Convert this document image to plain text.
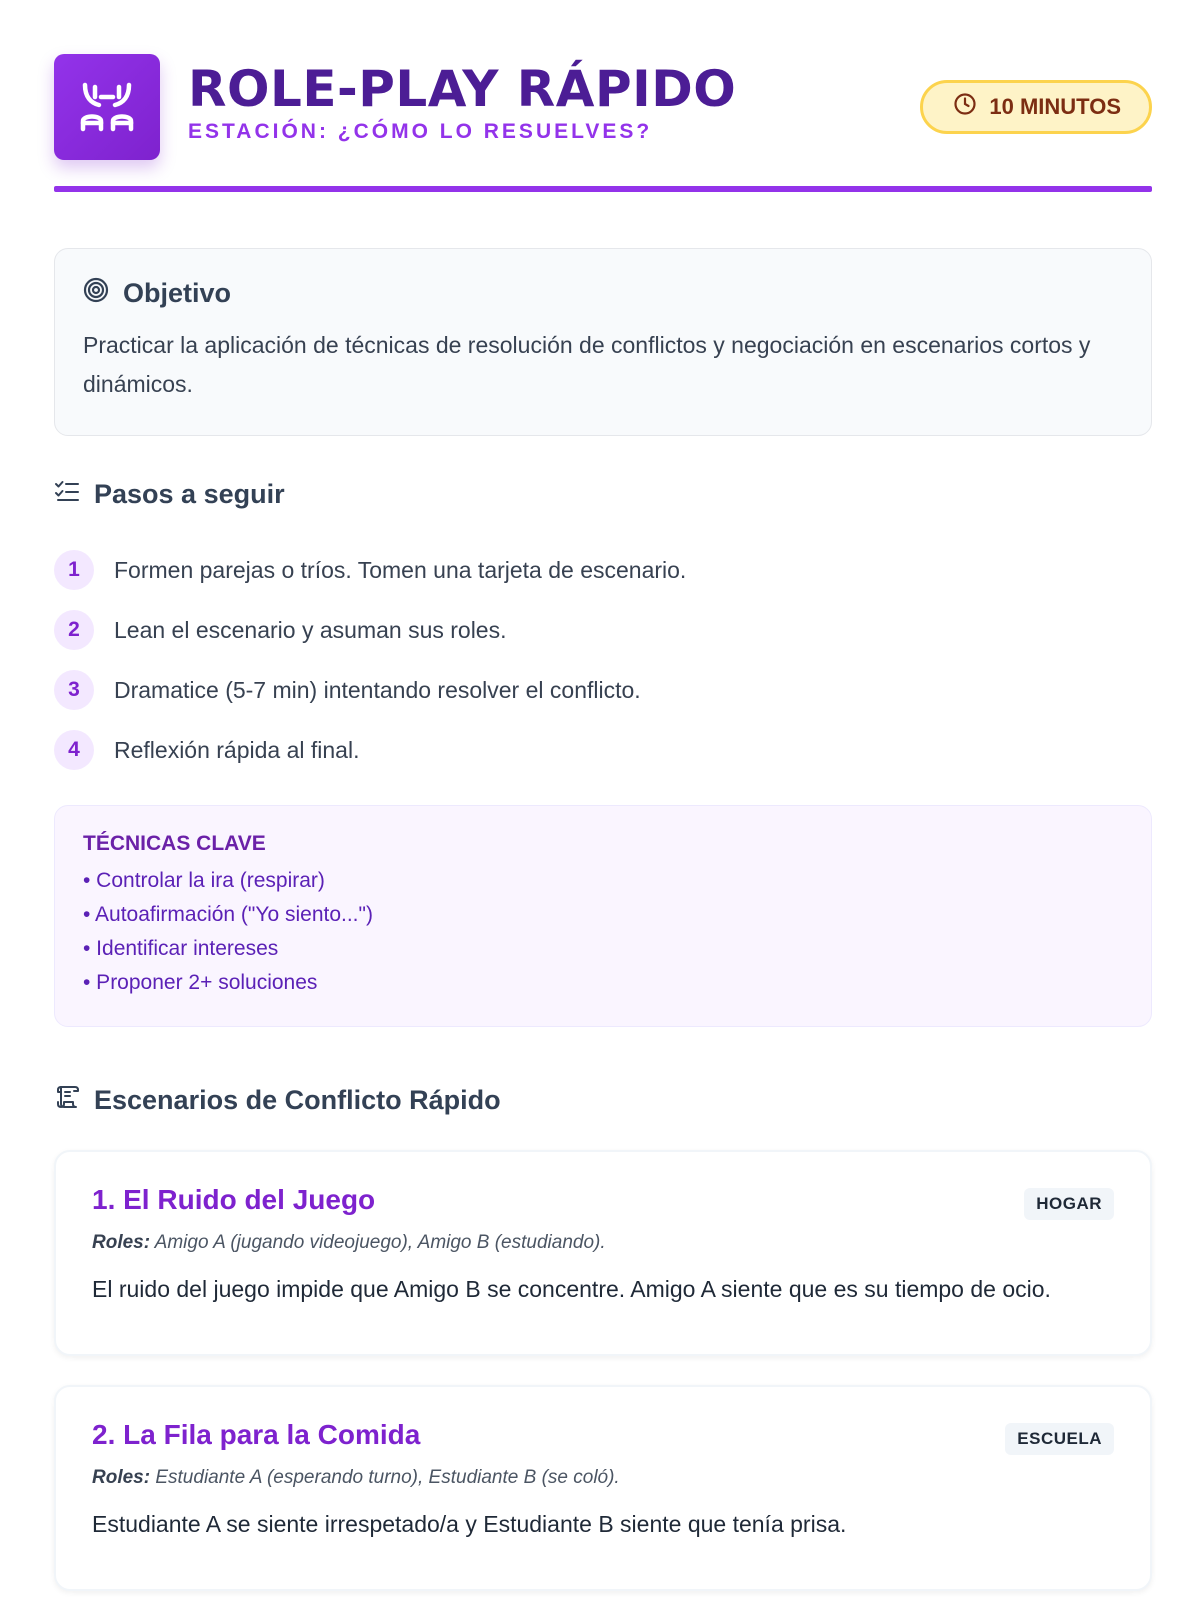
ROLE-PLAY RÁPIDO
ESTACIÓN: ¿CÓMO LO RESUELVES?
10 MINUTOS
Objetivo

Practicar la aplicación de técnicas de resolución de conflictos y negociación en escenarios cortos y dinámicos.

Pasos a seguir
1	Formen parejas o tríos. Tomen una tarjeta de escenario.
2	Lean el escenario y asuman sus roles.
3	Dramatice (5-7 min) intentando resolver el conflicto.
4	Reflexión rápida al final.
TÉCNICAS CLAVE
• Controlar la ira (respirar)
• Autoafirmación ("Yo siento...")
• Identificar intereses
• Proponer 2+ soluciones
Escenarios de Conflicto Rápido
1. El Ruido del Juego	HOGAR
Roles: Amigo A (jugando videojuego), Amigo B (estudiando).
El ruido del juego impide que Amigo B se concentre. Amigo A siente que es su tiempo de ocio.
2. La Fila para la Comida	ESCUELA
Roles: Estudiante A (esperando turno), Estudiante B (se coló).
Estudiante A se siente irrespetado/a y Estudiante B siente que tenía prisa.
